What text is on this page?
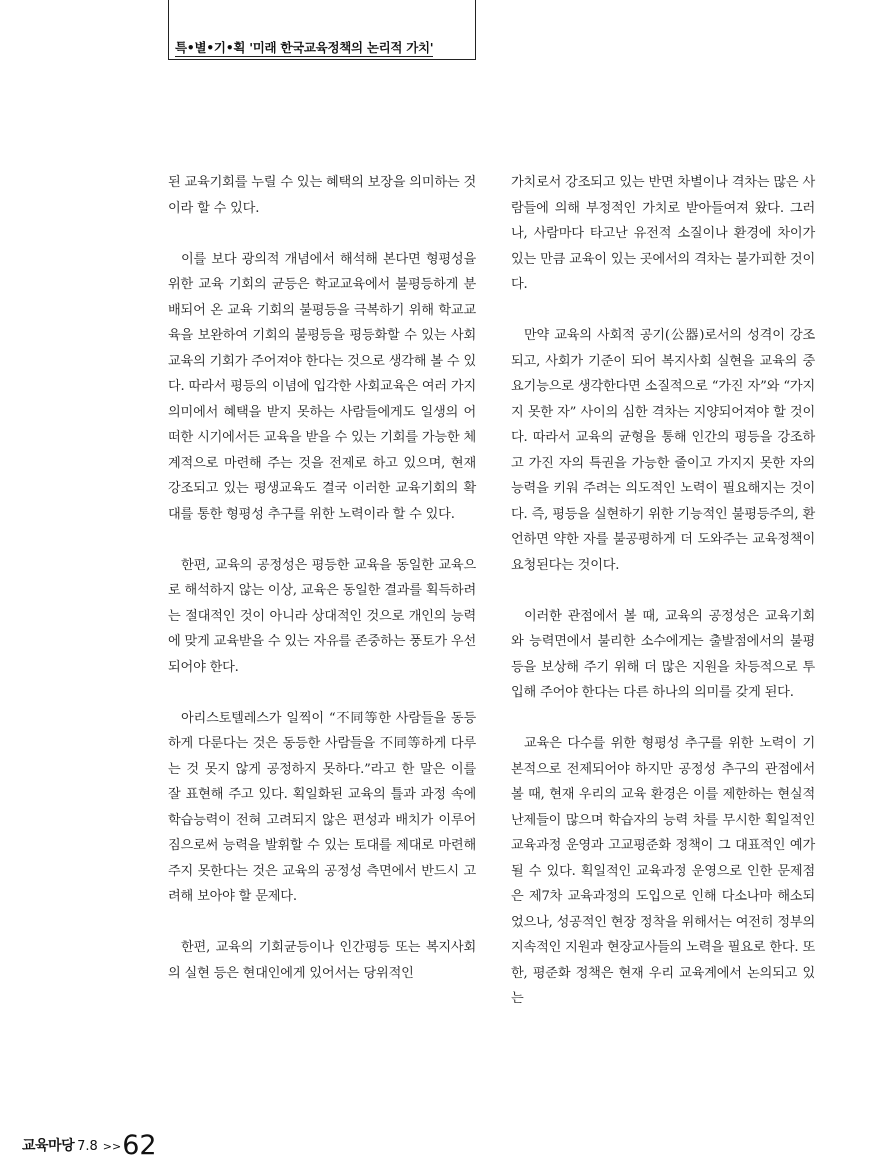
특•별•기•획 '미래 한국교육정책의 논리적 가치'

된 교육기회를 누릴 수 있는 혜택의 보장을 의미하는 것이라 할 수 있다.

이를 보다 광의적 개념에서 해석해 본다면 형평성을 위한 교육 기회의 균등은 학교교육에서 불평등하게 분배되어 온 교육 기회의 불평등을 극복하기 위해 학교교육을 보완하여 기회의 불평등을 평등화할 수 있는 사회교육의 기회가 주어져야 한다는 것으로 생각해 볼 수 있다. 따라서 평등의 이념에 입각한 사회교육은 여러 가지 의미에서 혜택을 받지 못하는 사람들에게도 일생의 어떠한 시기에서든 교육을 받을 수 있는 기회를 가능한 체계적으로 마련해 주는 것을 전제로 하고 있으며, 현재 강조되고 있는 평생교육도 결국 이러한 교육기회의 확대를 통한 형평성 추구를 위한 노력이라 할 수 있다.

한편, 교육의 공정성은 평등한 교육을 동일한 교육으로 해석하지 않는 이상, 교육은 동일한 결과를 획득하려는 절대적인 것이 아니라 상대적인 것으로 개인의 능력에 맞게 교육받을 수 있는 자유를 존중하는 풍토가 우선되어야 한다.

아리스토텔레스가 일찍이 “不同等한 사람들을 동등하게 다룬다는 것은 동등한 사람들을 不同等하게 다루는 것 못지 않게 공정하지 못하다.”라고 한 말은 이를 잘 표현해 주고 있다. 획일화된 교육의 틀과 과정 속에 학습능력이 전혀 고려되지 않은 편성과 배치가 이루어짐으로써 능력을 발휘할 수 있는 토대를 제대로 마련해 주지 못한다는 것은 교육의 공정성 측면에서 반드시 고려해 보아야 할 문제다.

한편, 교육의 기회균등이나 인간평등 또는 복지사회의 실현 등은 현대인에게 있어서는 당위적인

가치로서 강조되고 있는 반면 차별이나 격차는 많은 사람들에 의해 부정적인 가치로 받아들여져 왔다. 그러나, 사람마다 타고난 유전적 소질이나 환경에 차이가 있는 만큼 교육이 있는 곳에서의 격차는 불가피한 것이다.

만약 교육의 사회적 공기(公器)로서의 성격이 강조되고, 사회가 기준이 되어 복지사회 실현을 교육의 중요기능으로 생각한다면 소질적으로 “가진 자”와 “가지지 못한 자” 사이의 심한 격차는 지양되어져야 할 것이다. 따라서 교육의 균형을 통해 인간의 평등을 강조하고 가진 자의 특권을 가능한 줄이고 가지지 못한 자의 능력을 키워 주려는 의도적인 노력이 필요해지는 것이다. 즉, 평등을 실현하기 위한 기능적인 불평등주의, 환언하면 약한 자를 불공평하게 더 도와주는 교육정책이 요청된다는 것이다.

이러한 관점에서 볼 때, 교육의 공정성은 교육기회와 능력면에서 불리한 소수에게는 출발점에서의 불평등을 보상해 주기 위해 더 많은 지원을 차등적으로 투입해 주어야 한다는 다른 하나의 의미를 갖게 된다.

교육은 다수를 위한 형평성 추구를 위한 노력이 기본적으로 전제되어야 하지만 공정성 추구의 관점에서 볼 때, 현재 우리의 교육 환경은 이를 제한하는 현실적 난제들이 많으며 학습자의 능력 차를 무시한 획일적인 교육과정 운영과 고교평준화 정책이 그 대표적인 예가 될 수 있다. 획일적인 교육과정 운영으로 인한 문제점은 제7차 교육과정의 도입으로 인해 다소나마 해소되었으나, 성공적인 현장 정착을 위해서는 여전히 정부의 지속적인 지원과 현장교사들의 노력을 필요로 한다. 또한, 평준화 정책은 현재 우리 교육계에서 논의되고 있는

교육마당 7.8 >>62
